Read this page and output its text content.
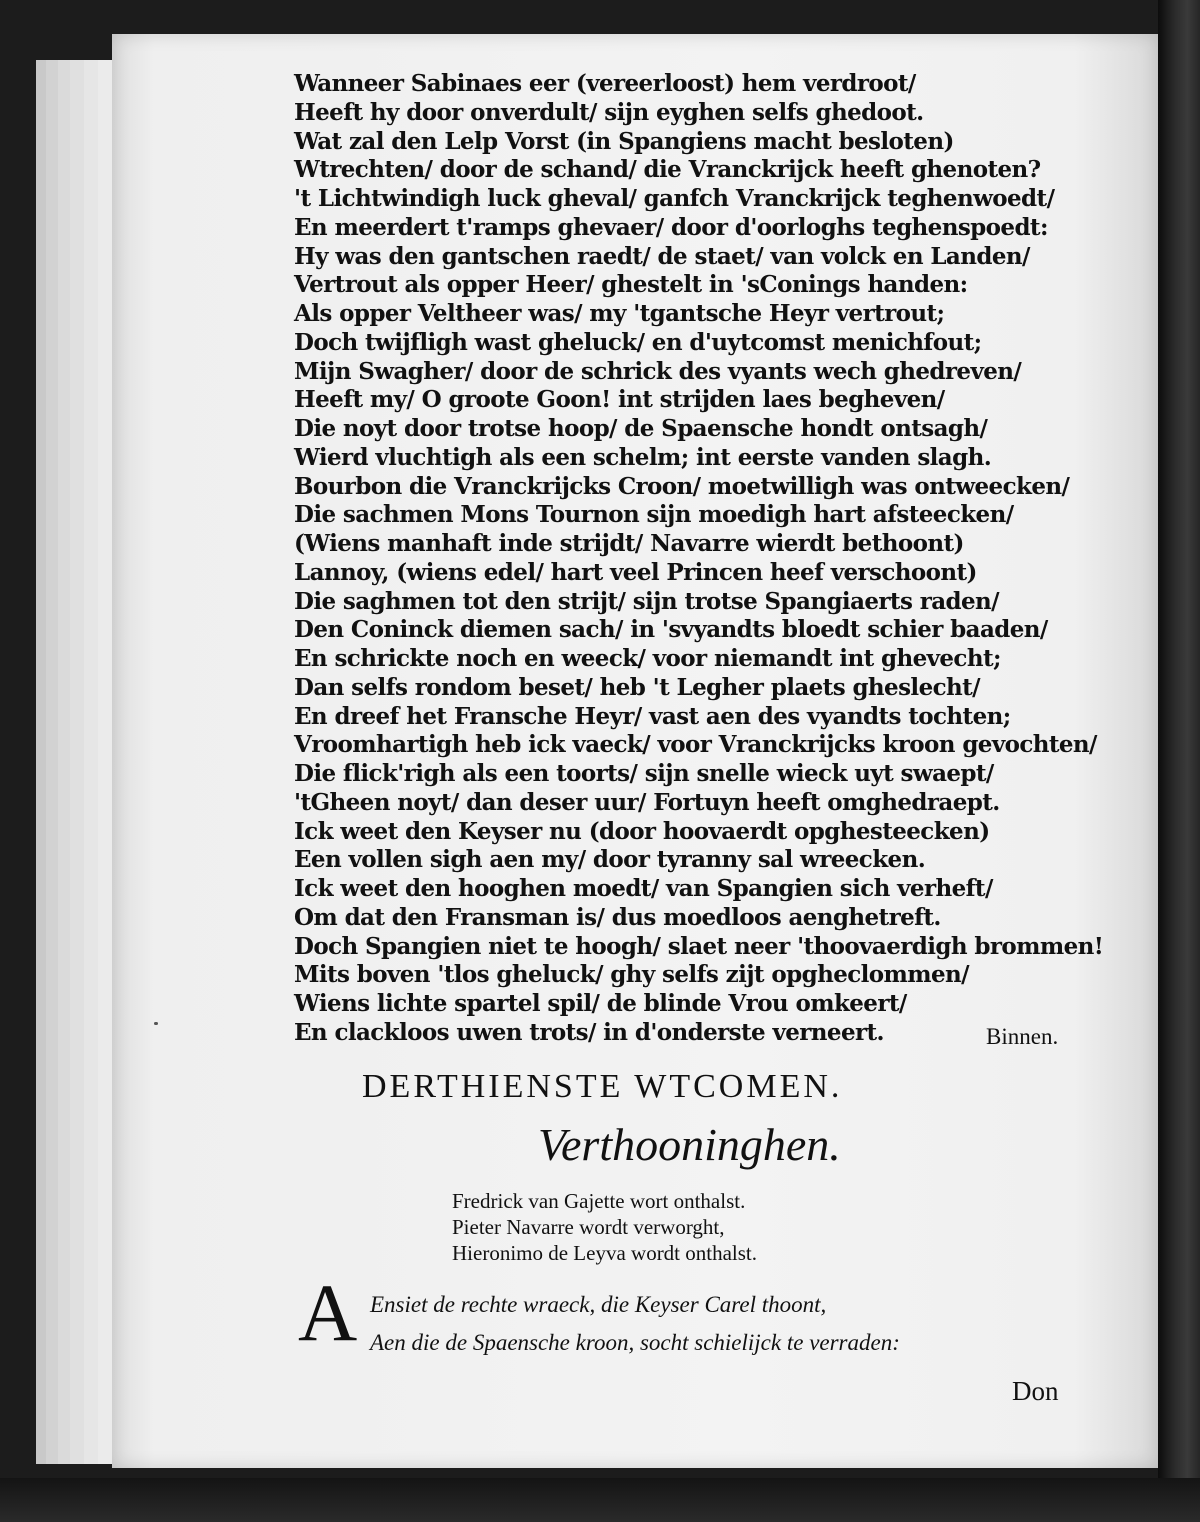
Wanneer Sabinaes eer (vereerloost) hem verdroot/
Heeft hy door onverdult/ sijn eyghen selfs ghedoot.
Wat zal den Lelp Vorst (in Spangiens macht besloten)
Wtrechten/ door de schand/ die Vranckrijck heeft ghenoten?
't Lichtwindigh luck gheval/ ganfch Vranckrijck teghenwoedt/
En meerdert t'ramps ghevaer/ door d'oorloghs teghenspoedt:
Hy was den gantschen raedt/ de staet/ van volck en Landen/
Vertrout als opper Heer/ ghestelt in 'sConings handen:
Als opper Veltheer was/ my 'tgantsche Heyr vertrout;
Doch twijfligh wast gheluck/ en d'uytcomst menichfout;
Mijn Swagher/ door de schrick des vyants wech ghedreven/
Heeft my/ O groote Goon! int strijden laes begheven/
Die noyt door trotse hoop/ de Spaensche hondt ontsagh/
Wierd vluchtigh als een schelm; int eerste vanden slagh.
Bourbon die Vranckrijcks Croon/ moetwilligh was ontweecken/
Die sachmen Mons Tournon sijn moedigh hart afsteecken/
(Wiens manhaft inde strijdt/ Navarre wierdt bethoont)
Lannoy, (wiens edel/ hart veel Princen heef verschoont)
Die saghmen tot den strijt/ sijn trotse Spangiaerts raden/
Den Coninck diemen sach/ in 'svyandts bloedt schier baaden/
En schrickte noch en weeck/ voor niemandt int ghevecht;
Dan selfs rondom beset/ heb 't Legher plaets gheslecht/
En dreef het Fransche Heyr/ vast aen des vyandts tochten;
Vroomhartigh heb ick vaeck/ voor Vranckrijcks kroon gevochten/
Die flick'righ als een toorts/ sijn snelle wieck uyt swaept/
'tGheen noyt/ dan deser uur/ Fortuyn heeft omghedraept.
Ick weet den Keyser nu (door hoovaerdt opghesteecken)
Een vollen sigh aen my/ door tyranny sal wreecken.
Ick weet den hooghen moedt/ van Spangien sich verheft/
Om dat den Fransman is/ dus moedloos aenghetreft.
Doch Spangien niet te hoogh/ slaet neer 'thoovaerdigh brommen!
Mits boven 'tlos gheluck/ ghy selfs zijt opgheclommen/
Wiens lichte spartel spil/ de blinde Vrou omkeert/
En clackloos uwen trots/ in d'onderste verneert.	Binnen.
DERTHIENSTE WTCOMEN.
Verthooninghen.
Fredrick van Gajette wort onthalst.
Pieter Navarre wordt verworght,
Hieronimo de Leyva wordt onthalst.
A Ensiet de rechte wraeck, die Keyser Carel thoont,
Aen die de Spaensche kroon, socht schielijck te verraden:
Don
